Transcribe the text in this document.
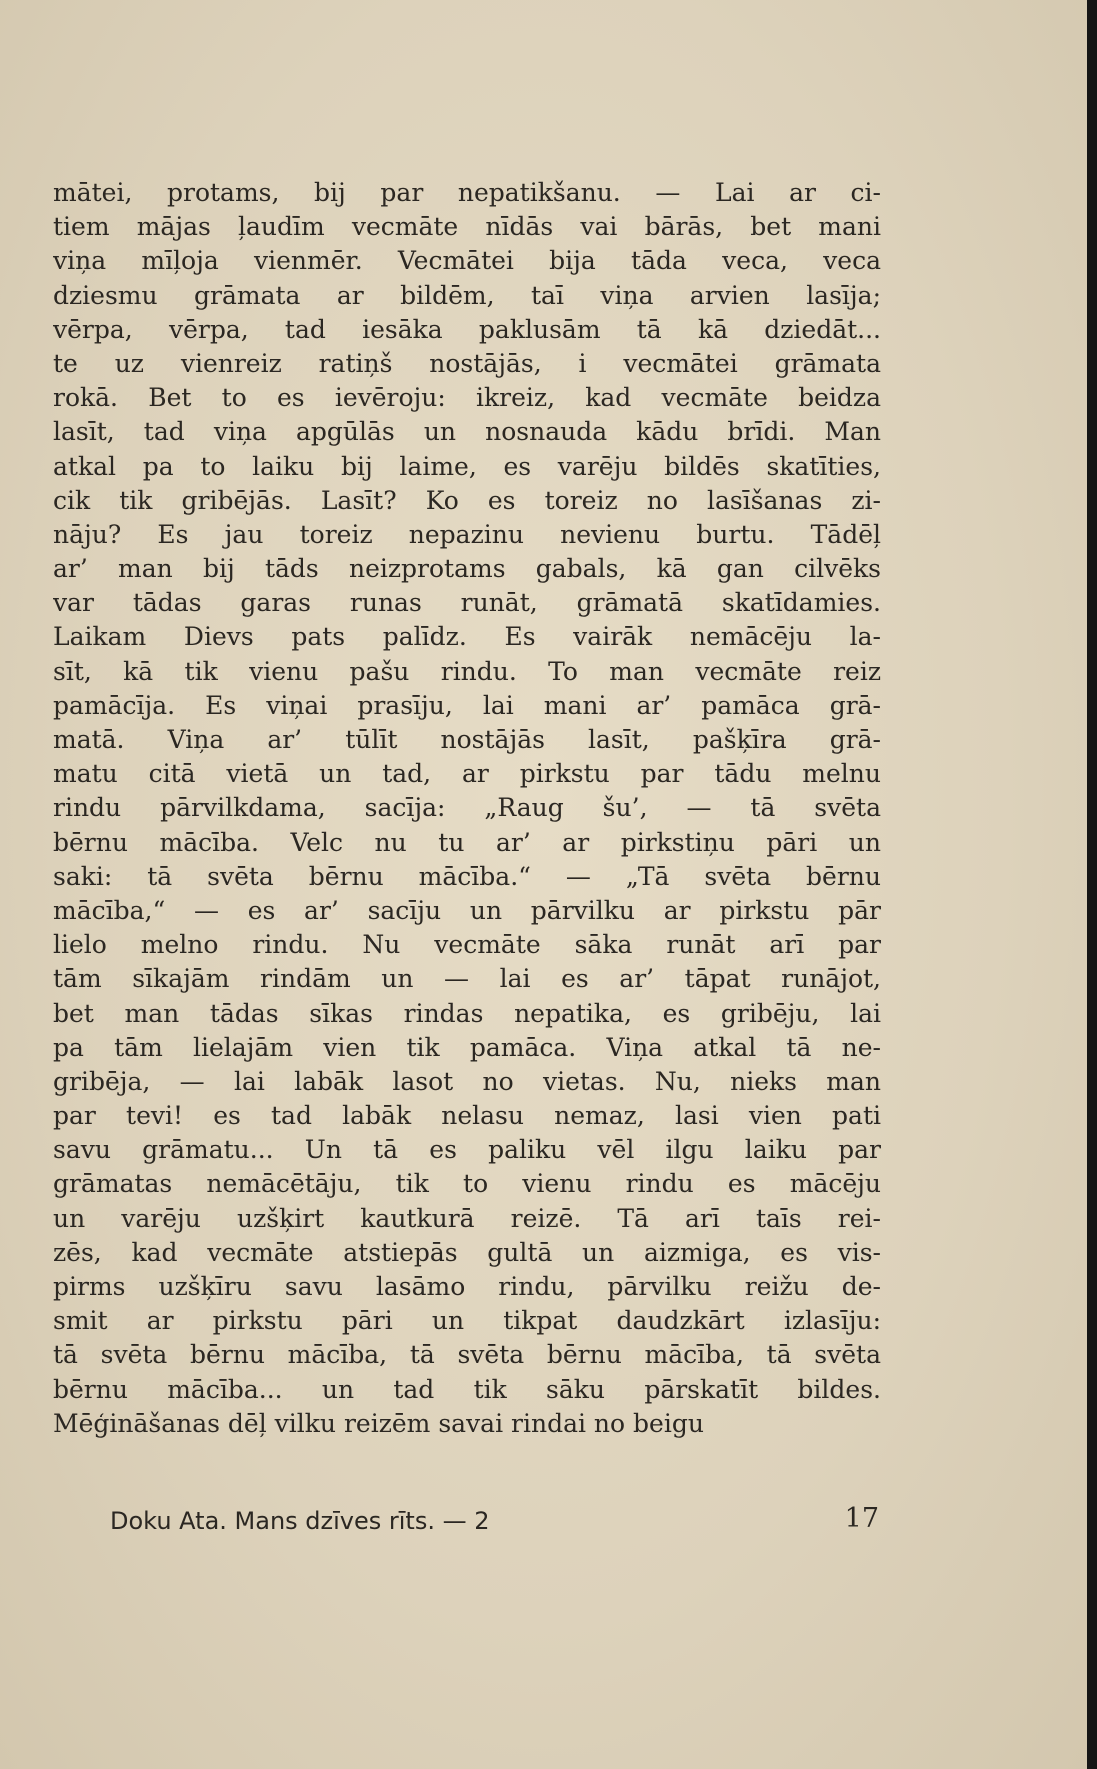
mātei, protams, bij par nepatikšanu. — Lai ar ci-
tiem mājas ļaudīm vecmāte nīdās vai bārās, bet mani
viņa mīļoja vienmēr. Vecmātei bija tāda veca, veca
dziesmu grāmata ar bildēm, taī viņa arvien lasīja;
vērpa, vērpa, tad iesāka paklusām tā kā dziedāt...
te uz vienreiz ratiņš nostājās, i vecmātei grāmata
rokā. Bet to es ievēroju: ikreiz, kad vecmāte beidza
lasīt, tad viņa apgūlās un nosnauda kādu brīdi. Man
atkal pa to laiku bij laime, es varēju bildēs skatīties,
cik tik gribējās. Lasīt? Ko es toreiz no lasīšanas zi-
nāju? Es jau toreiz nepazinu nevienu burtu. Tādēļ
ar’ man bij tāds neizprotams gabals, kā gan cilvēks
var tādas garas runas runāt, grāmatā skatīdamies.
Laikam Dievs pats palīdz. Es vairāk nemācēju la-
sīt, kā tik vienu pašu rindu. To man vecmāte reiz
pamācīja. Es viņai prasīju, lai mani ar’ pamāca grā-
matā. Viņa ar’ tūlīt nostājās lasīt, pašķīra grā-
matu citā vietā un tad, ar pirkstu par tādu melnu
rindu pārvilkdama, sacīja: „Raug šu’, — tā svēta
bērnu mācība. Velc nu tu ar’ ar pirkstiņu pāri un
saki: tā svēta bērnu mācība.“ — „Tā svēta bērnu
mācība,“ — es ar’ sacīju un pārvilku ar pirkstu pār
lielo melno rindu. Nu vecmāte sāka runāt arī par
tām sīkajām rindām un — lai es ar’ tāpat runājot,
bet man tādas sīkas rindas nepatika, es gribēju, lai
pa tām lielajām vien tik pamāca. Viņa atkal tā ne-
gribēja, — lai labāk lasot no vietas. Nu, nieks man
par tevi! es tad labāk nelasu nemaz, lasi vien pati
savu grāmatu... Un tā es paliku vēl ilgu laiku par
grāmatas nemācētāju, tik to vienu rindu es mācēju
un varēju uzšķirt kautkurā reizē. Tā arī taīs rei-
zēs, kad vecmāte atstiepās gultā un aizmiga, es vis-
pirms uzšķīru savu lasāmo rindu, pārvilku reižu de-
smit ar pirkstu pāri un tikpat daudzkārt izlasīju:
tā svēta bērnu mācība, tā svēta bērnu mācība, tā svēta
bērnu mācība... un tad tik sāku pārskatīt bildes.
Mēģināšanas dēļ vilku reizēm savai rindai no beigu
Doku Ata. Mans dzīves rīts. — 2	17
